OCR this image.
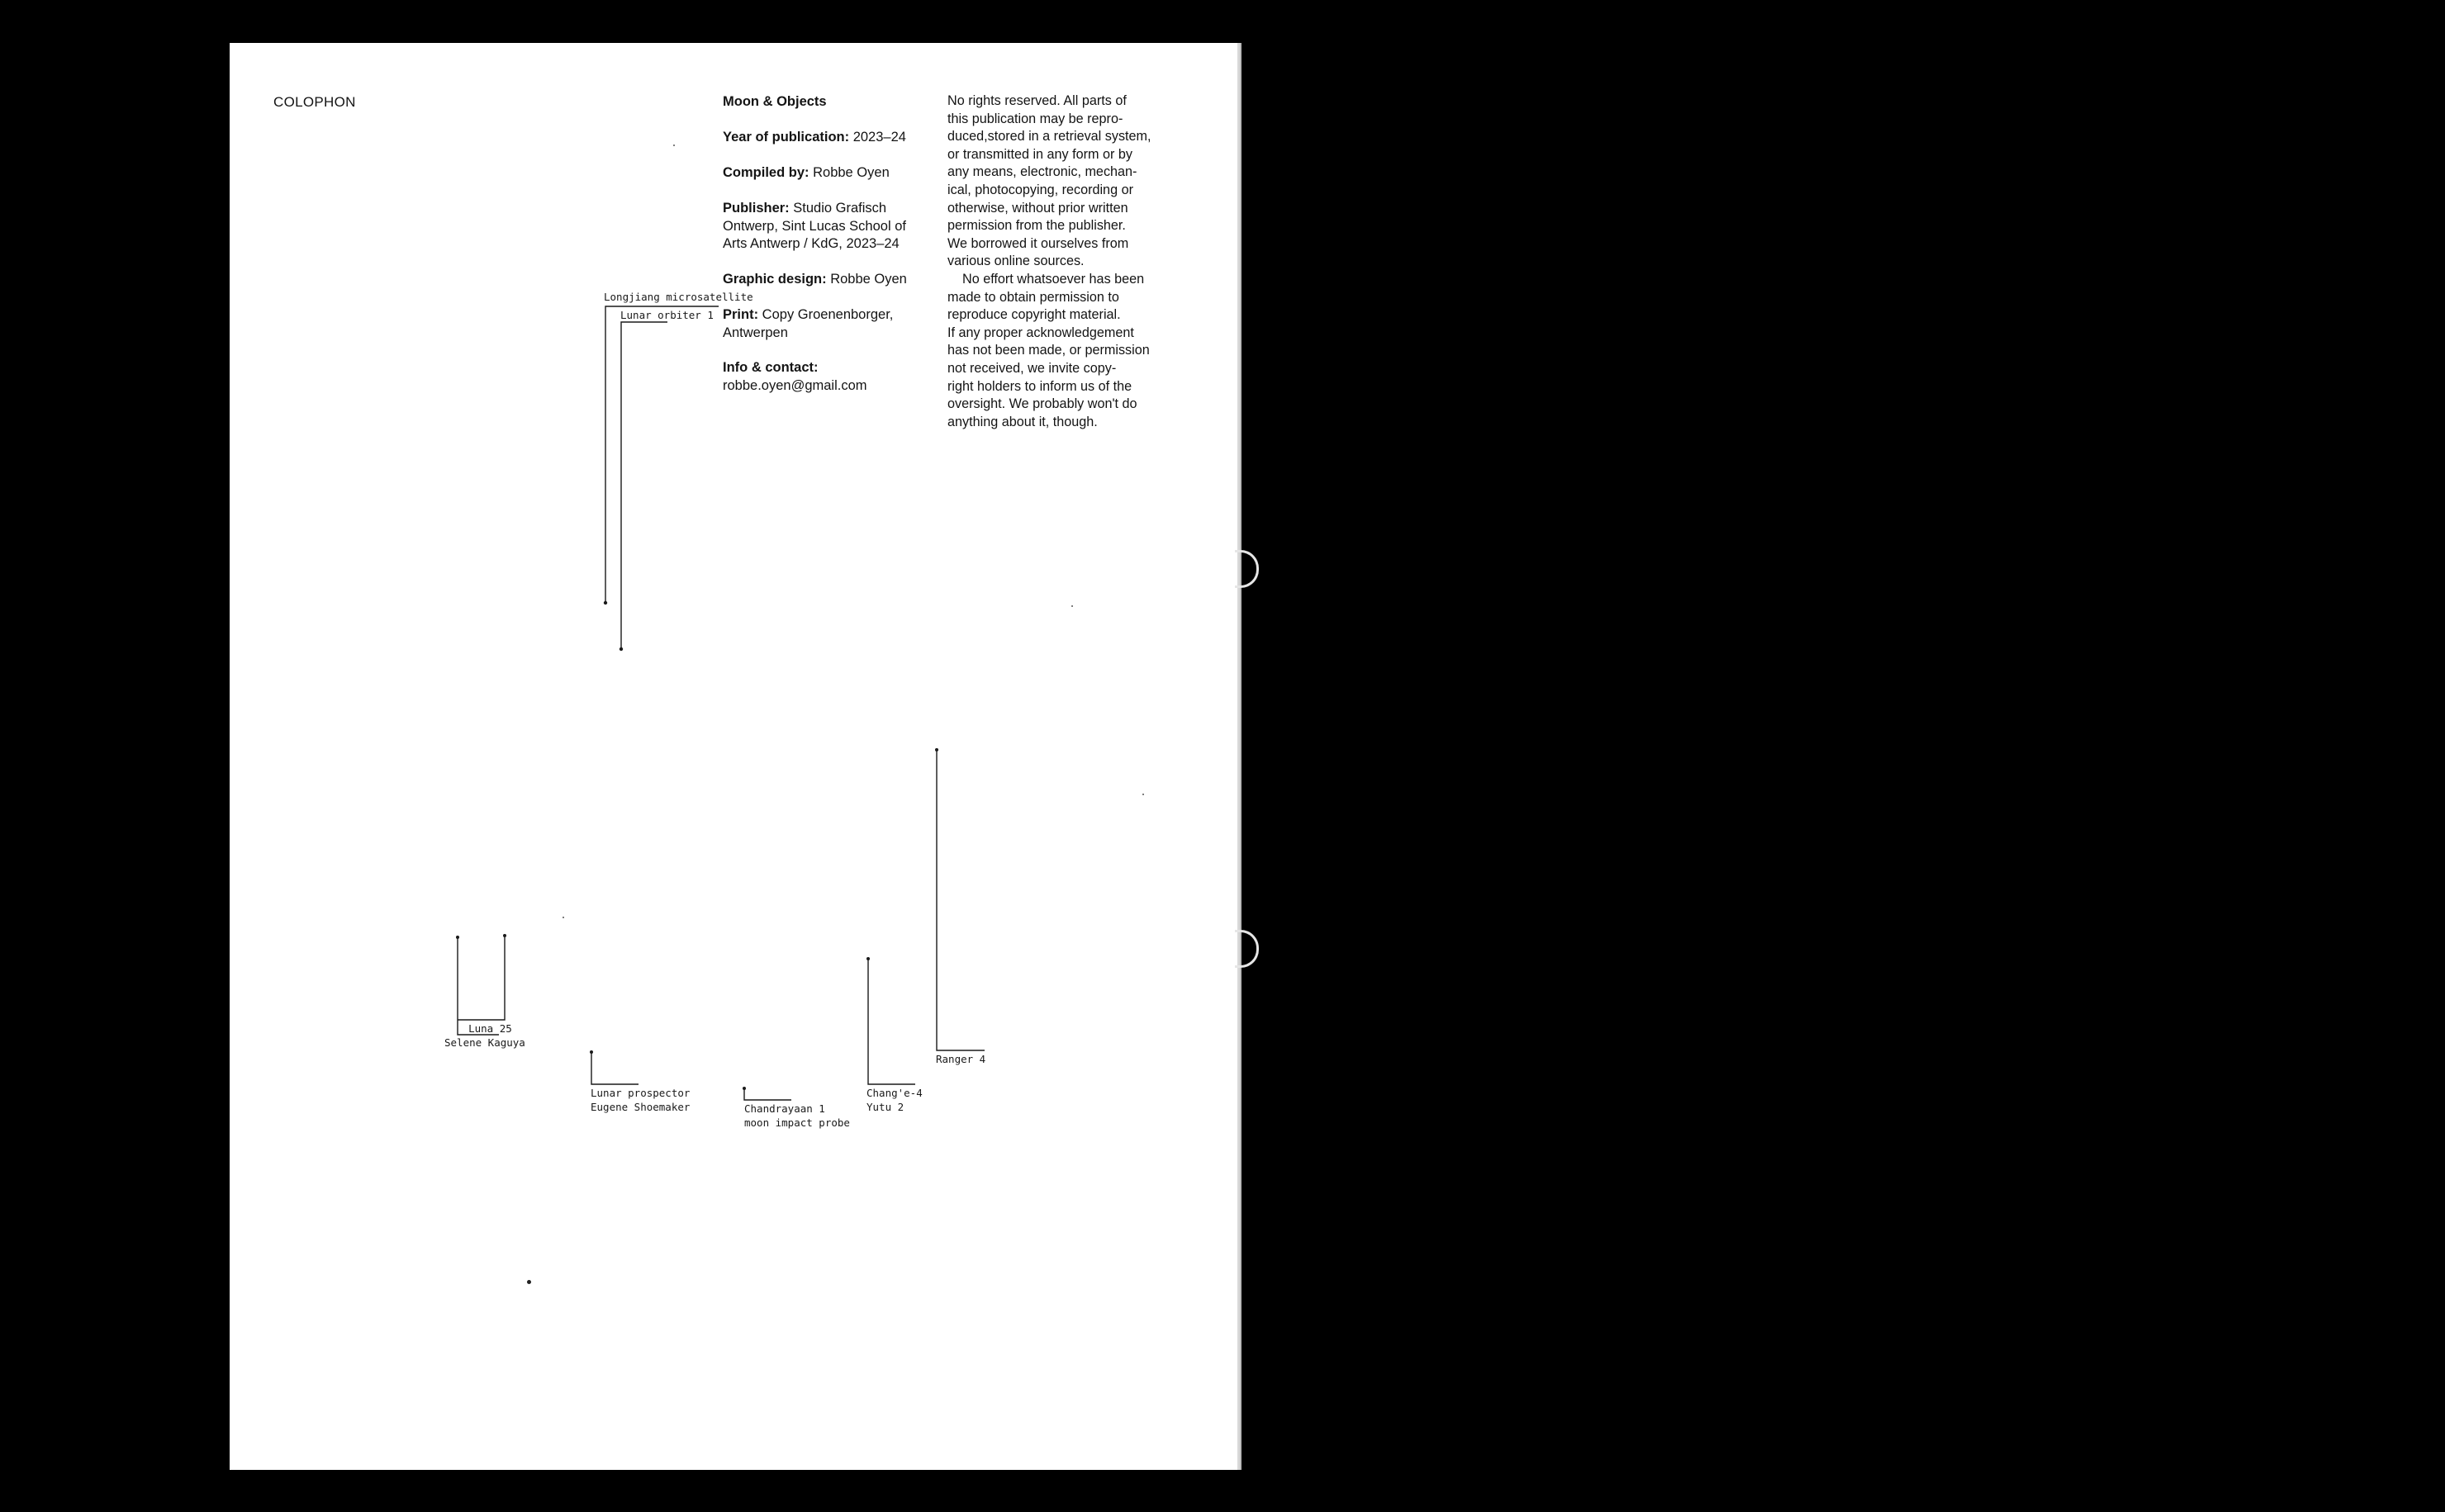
COLOPHON	Moon & Objects
Year of publication: 2023–24
Compiled by: Robbe Oyen
Publisher: Studio Grafisch
Ontwerp, Sint Lucas School of
Arts Antwerp / KdG, 2023–24
Graphic design: Robbe Oyen
Print: Copy Groenenborger,
Antwerpen
Info & contact:
robbe.oyen@gmail.com

No rights reserved. All parts of
this publication may be repro-
duced,stored in a retrieval system,
or transmitted in any form or by
any means, electronic, mechan-
ical, photocopying, recording or
otherwise, without prior written
permission from the publisher.
We borrowed it ourselves from
various online sources.

No effort whatsoever has been
made to obtain permission to
reproduce copyright material.
If any proper acknowledgement
has not been made, or permission
not received, we invite copy-
right holders to inform us of the
oversight. We probably won't do
anything about it, though.

Longjiang microsatellite
Lunar orbiter 1
Luna 25
Selene Kaguya
Lunar prospector
Eugene Shoemaker	Chandrayaan 1
moon impact probe
Chang'e-4
Yutu 2
Ranger 4
